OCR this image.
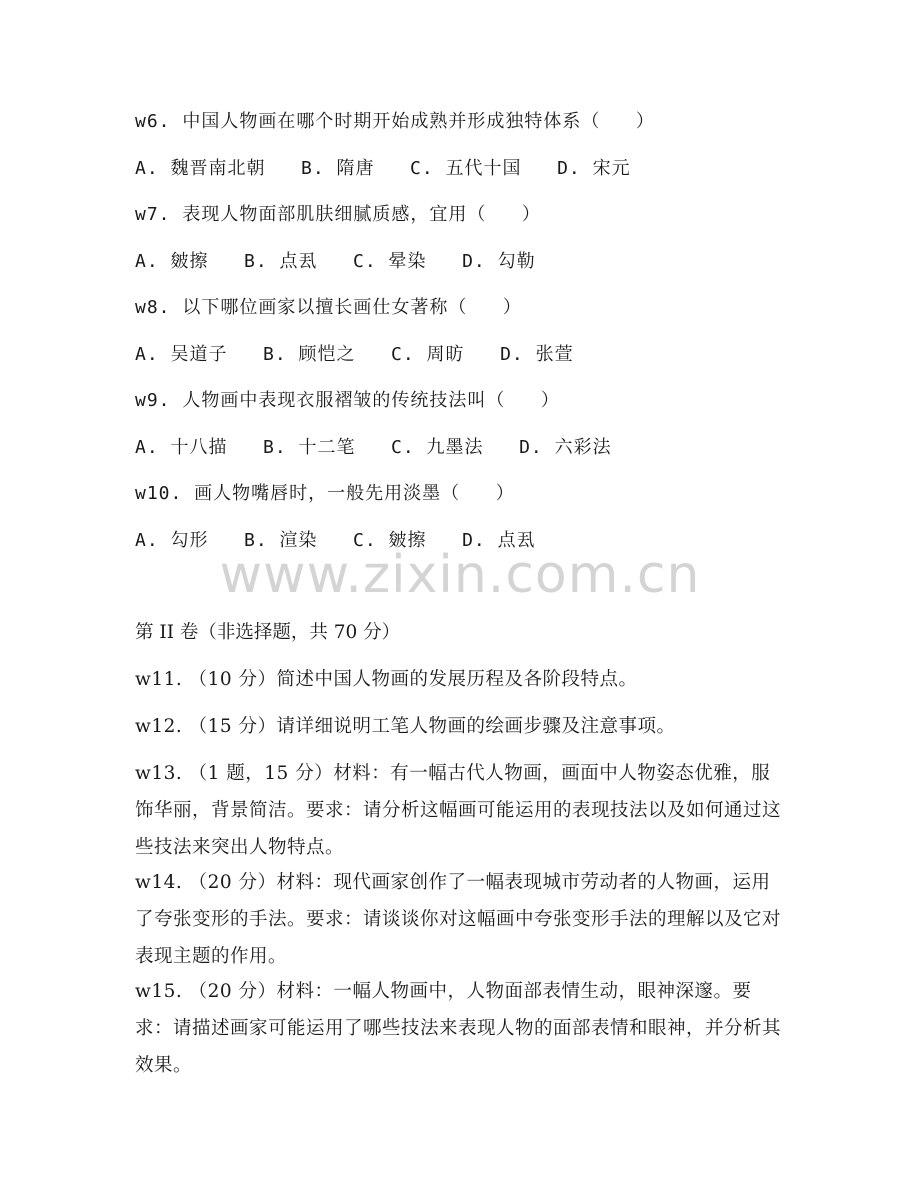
w6. 中国人物画在哪个时期开始成熟并形成独特体系（   ）
A. 魏晋南北朝   B. 隋唐   C. 五代十国   D. 宋元
w7. 表现人物面部肌肤细腻质感，宜用（   ）
A. 皴擦   B. 点厾   C. 晕染   D. 勾勒
w8. 以下哪位画家以擅长画仕女著称（   ）
A. 吴道子   B. 顾恺之   C. 周昉   D. 张萱
w9. 人物画中表现衣服褶皱的传统技法叫（   ）
A. 十八描   B. 十二笔   C. 九墨法   D. 六彩法
w10. 画人物嘴唇时，一般先用淡墨（   ）
A. 勾形   B. 渲染   C. 皴擦   D. 点厾
www.zixin.com.cn
第 II 卷（非选择题，共 70 分）
w11. （10 分）简述中国人物画的发展历程及各阶段特点。
w12. （15 分）请详细说明工笔人物画的绘画步骤及注意事项。
w13. （1 题，15 分）材料：有一幅古代人物画，画面中人物姿态优雅，服饰华丽，背景简洁。要求：请分析这幅画可能运用的表现技法以及如何通过这些技法来突出人物特点。
w14. （20 分）材料：现代画家创作了一幅表现城市劳动者的人物画，运用了夸张变形的手法。要求：请谈谈你对这幅画中夸张变形手法的理解以及它对表现主题的作用。
w15. （20 分）材料：一幅人物画中，人物面部表情生动，眼神深邃。要求：请描述画家可能运用了哪些技法来表现人物的面部表情和眼神，并分析其效果。
